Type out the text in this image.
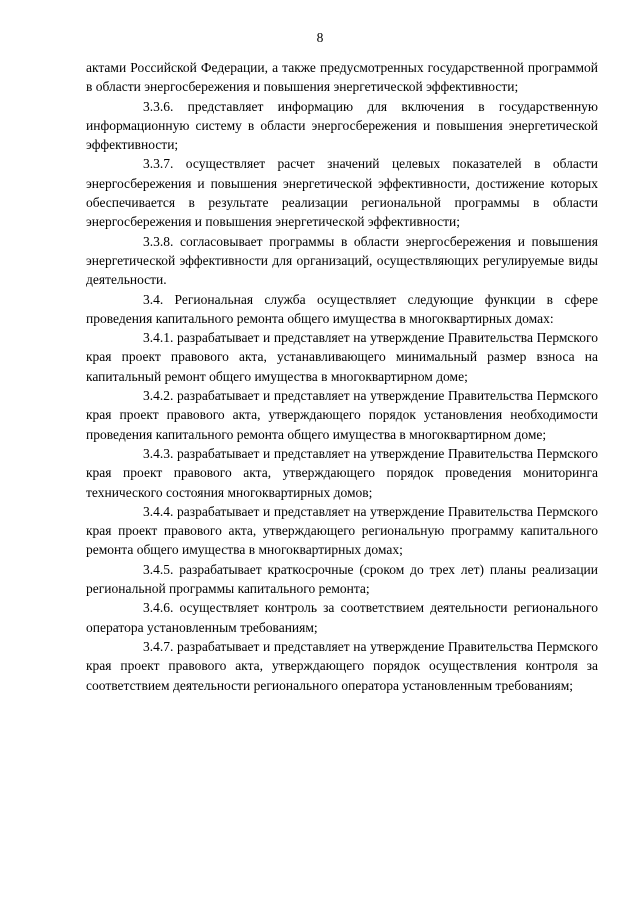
8

актами Российской Федерации, а также предусмотренных государственной программой в области энергосбережения и повышения энергетической эффективности;

3.3.6. представляет информацию для включения в государственную информационную систему в области энергосбережения и повышения энергетической эффективности;

3.3.7. осуществляет расчет значений целевых показателей в области энергосбережения и повышения энергетической эффективности, достижение которых обеспечивается в результате реализации региональной программы в области энергосбережения и повышения энергетической эффективности;

3.3.8. согласовывает программы в области энергосбережения и повышения энергетической эффективности для организаций, осуществляющих регулируемые виды деятельности.

3.4. Региональная служба осуществляет следующие функции в сфере проведения капитального ремонта общего имущества в многоквартирных домах:

3.4.1. разрабатывает и представляет на утверждение Правительства Пермского края проект правового акта, устанавливающего минимальный размер взноса на капитальный ремонт общего имущества в многоквартирном доме;

3.4.2. разрабатывает и представляет на утверждение Правительства Пермского края проект правового акта, утверждающего порядок установления необходимости проведения капитального ремонта общего имущества в многоквартирном доме;

3.4.3. разрабатывает и представляет на утверждение Правительства Пермского края проект правового акта, утверждающего порядок проведения мониторинга технического состояния многоквартирных домов;

3.4.4. разрабатывает и представляет на утверждение Правительства Пермского края проект правового акта, утверждающего региональную программу капитального ремонта общего имущества в многоквартирных домах;

3.4.5. разрабатывает краткосрочные (сроком до трех лет) планы реализации региональной программы капитального ремонта;

3.4.6. осуществляет контроль за соответствием деятельности регионального оператора установленным требованиям;

3.4.7. разрабатывает и представляет на утверждение Правительства Пермского края проект правового акта, утверждающего порядок осуществления контроля за соответствием деятельности регионального оператора установленным требованиям;
